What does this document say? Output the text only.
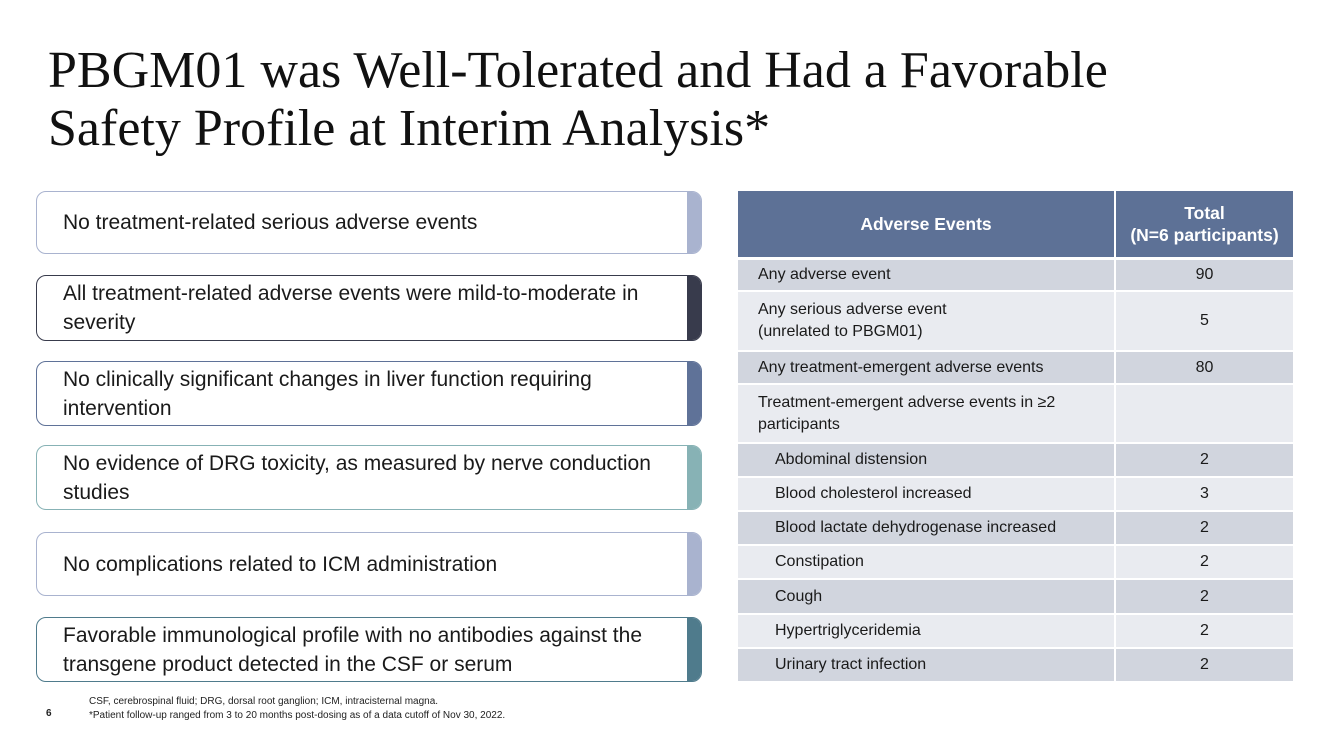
PBGM01 was Well-Tolerated and Had a Favorable
Safety Profile at Interim Analysis*
No treatment-related serious adverse events
All treatment-related adverse events were mild-to-moderate in severity
No clinically significant changes in liver function requiring intervention
No evidence of DRG toxicity, as measured by nerve conduction studies
No complications related to ICM administration
Favorable immunological profile with no antibodies against the transgene product detected in the CSF or serum
Adverse Events	Total
(N=6 participants)

Any adverse event	90

Any serious adverse event
(unrelated to PBGM01)	5
Any treatment-emergent adverse events	80

Treatment-emergent adverse events in ≥2
participants	

Abdominal distension	2
Blood cholesterol increased	3
Blood lactate dehydrogenase increased	2
Constipation	2
Cough	2
Hypertriglyceridemia	2
Urinary tract infection	2
6
CSF, cerebrospinal fluid; DRG, dorsal root ganglion; ICM, intracisternal magna.
*Patient follow-up ranged from 3 to 20 months post-dosing as of a data cutoff of Nov 30, 2022.
